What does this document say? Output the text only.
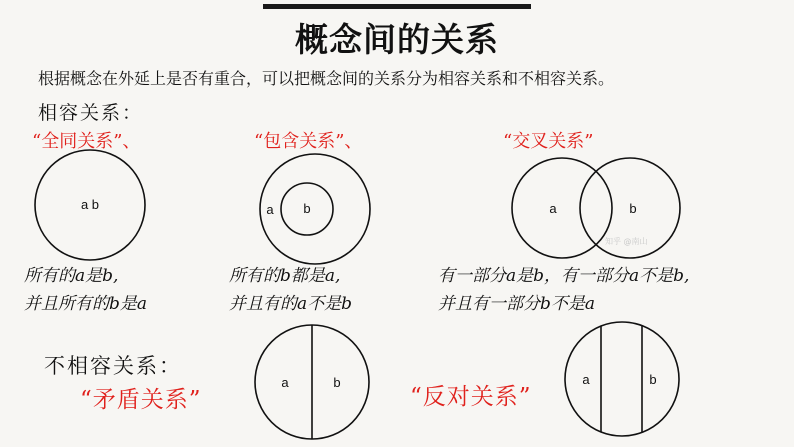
概念间的关系
根据概念在外延上是否有重合，可以把概念间的关系分为相容关系和不相容关系。
相容关系：
“全同关系”、	“包含关系”、	“交叉关系”
a b	a b	a	b
a	b	a	b
知乎 @南山
所有的a是b,
并且所有的b是a
所有的b都是a,
并且有的a不是b
有一部分a是b，有一部分a不是b,
并且有一部分b不是a
不相容关系：
“矛盾关系”	“反对关系”
